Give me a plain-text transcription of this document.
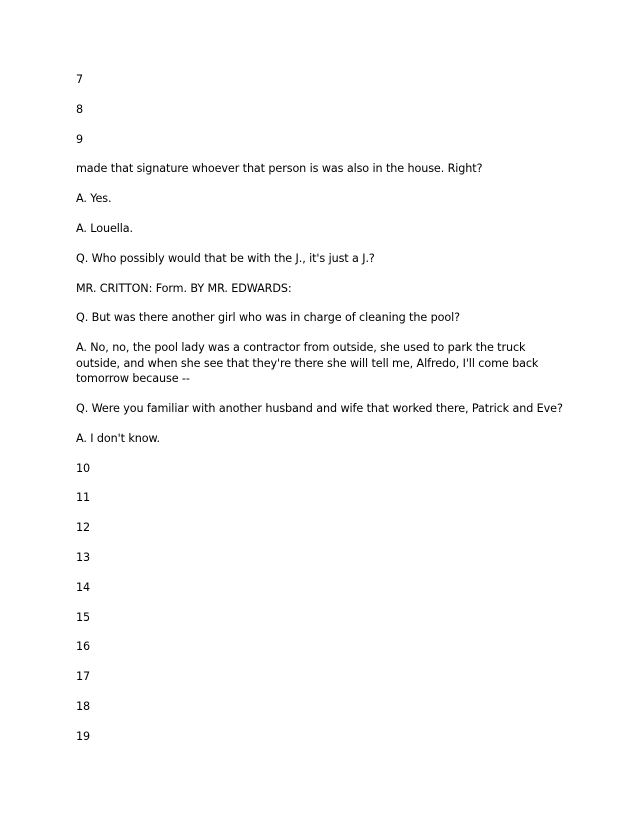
7

8

9

made that signature whoever that person is was also in the house. Right?

A. Yes.

A. Louella.

Q. Who possibly would that be with the J., it's just a J.?

MR. CRITTON: Form. BY MR. EDWARDS:

Q. But was there another girl who was in charge of cleaning the pool?

A. No, no, the pool lady was a contractor from outside, she used to park the truck outside, and when she see that they're there she will tell me, Alfredo, I'll come back tomorrow because --

Q. Were you familiar with another husband and wife that worked there, Patrick and Eve?

A. I don't know.

10

11

12

13

14

15

16

17

18

19
